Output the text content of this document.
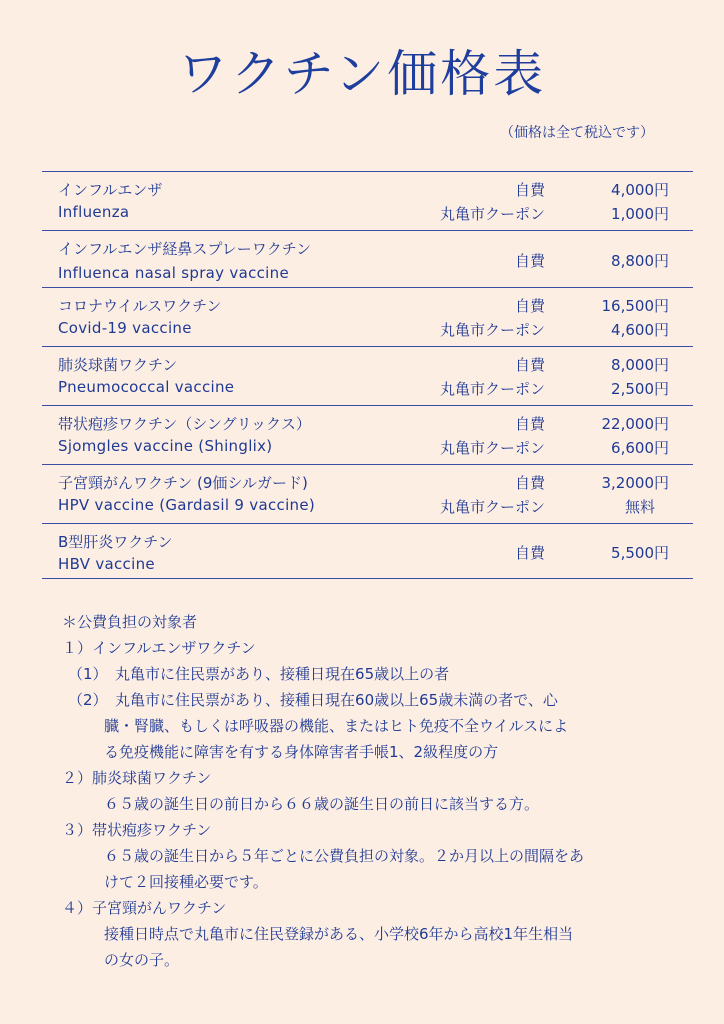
ワクチン価格表
（価格は全て税込です）
インフルエンザ
Influenza
自費	4,000円
丸亀市クーポン	1,000円
インフルエンザ経鼻スプレーワクチン
Influenca nasal spray vaccine
自費	8,800円
コロナウイルスワクチン
Covid-19 vaccine
自費	16,500円
丸亀市クーポン	4,600円
肺炎球菌ワクチン
Pneumococcal vaccine
自費	8,000円
丸亀市クーポン	2,500円
帯状疱疹ワクチン（シングリックス）
Sjomgles vaccine (Shinglix)
自費	22,000円
丸亀市クーポン	6,600円
子宮頸がんワクチン (9価シルガード)
HPV vaccine (Gardasil 9 vaccine)
自費	3,2000円
丸亀市クーポン	無料
B型肝炎ワクチン
HBV vaccine
自費	5,500円
＊公費負担の対象者
１）インフルエンザワクチン
（1）　丸亀市に住民票があり、接種日現在65歳以上の者
（2）　丸亀市に住民票があり、接種日現在60歳以上65歳未満の者で、心
臓・腎臓、もしくは呼吸器の機能、またはヒト免疫不全ウイルスによ
る免疫機能に障害を有する身体障害者手帳1、2級程度の方
２）肺炎球菌ワクチン
６５歳の誕生日の前日から６６歳の誕生日の前日に該当する方。
３）帯状疱疹ワクチン
６５歳の誕生日から５年ごとに公費負担の対象。２か月以上の間隔をあ
けて２回接種必要です。
４）子宮頸がんワクチン
接種日時点で丸亀市に住民登録がある、小学校6年から高校1年生相当
の女の子。
